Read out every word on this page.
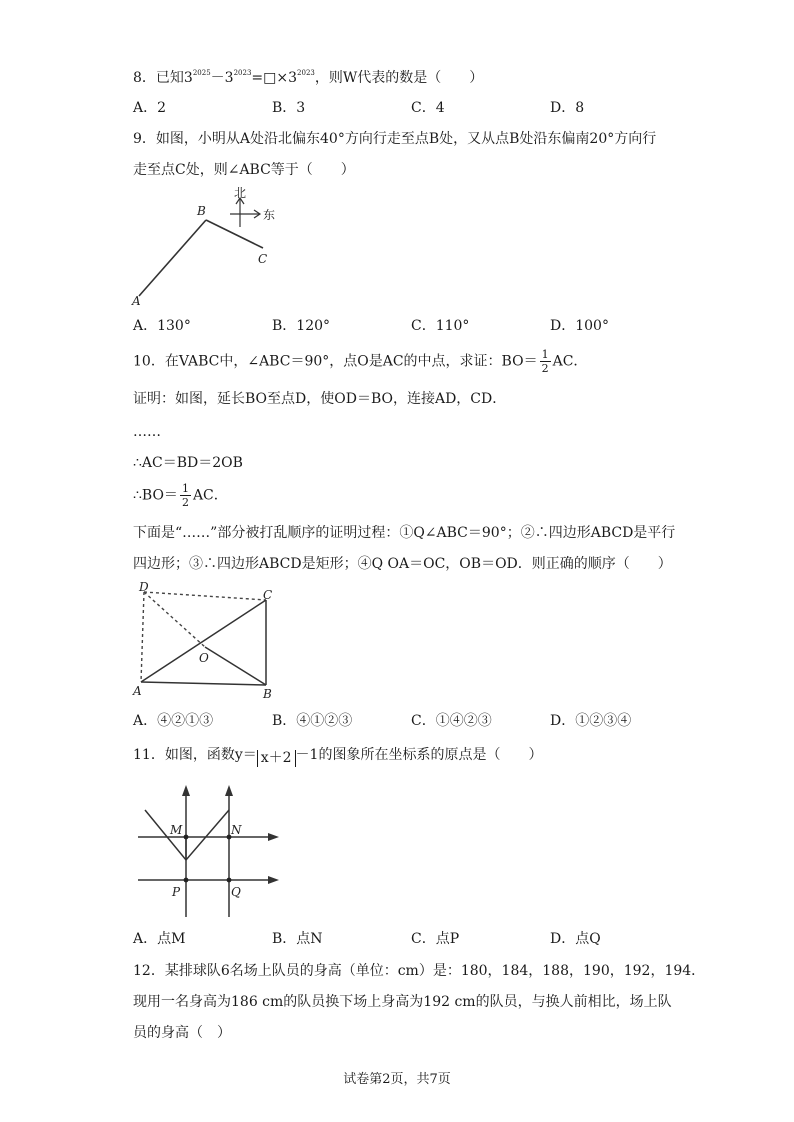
8．已知$3^{2025}-3^{2023}=□\times 3^{2023}$，则W代表的数是（　　）
A．2	B．3	C．4	D．8
9．如图，小明从A处沿北偏东40°方向行走至点B处，又从点B处沿东偏南20°方向行
走至点C处，则∠ABC等于（　　）
北
东
A
B
C
A．130°	B．120°	C．110°	D．100°
10．在VABC中，∠ABC＝90°，点O是AC的中点，求证：$BO= \frac{1}{2}$ AC．
证明：如图，延长BO至点D，使OD＝BO，连接AD，CD．
……
∴AC＝BD＝2OB
∴BO＝ $\frac{1}{2}$ AC．
下面是“……”部分被打乱顺序的证明过程：①Q∠ABC＝90°；②∴四边形ABCD是平行
四边形；③∴四边形ABCD是矩形；④Q OA＝OC，OB＝OD．则正确的顺序（　　）
D
C
O
A	B
A．④②①③	B．④①②③	C．①④②③	D．①②③④
11．如图，函数y＝ x＋2 －1的图象所在坐标系的原点是（　　）
M	N
P	Q
A．点M	B．点N	C．点P	D．点Q
12．某排球队6名场上队员的身高（单位：cm）是：180，184，188，190，192，194．
现用一名身高为186 cm的队员换下场上身高为192 cm的队员，与换人前相比，场上队
员的身高（　）
试卷第2页，共7页
